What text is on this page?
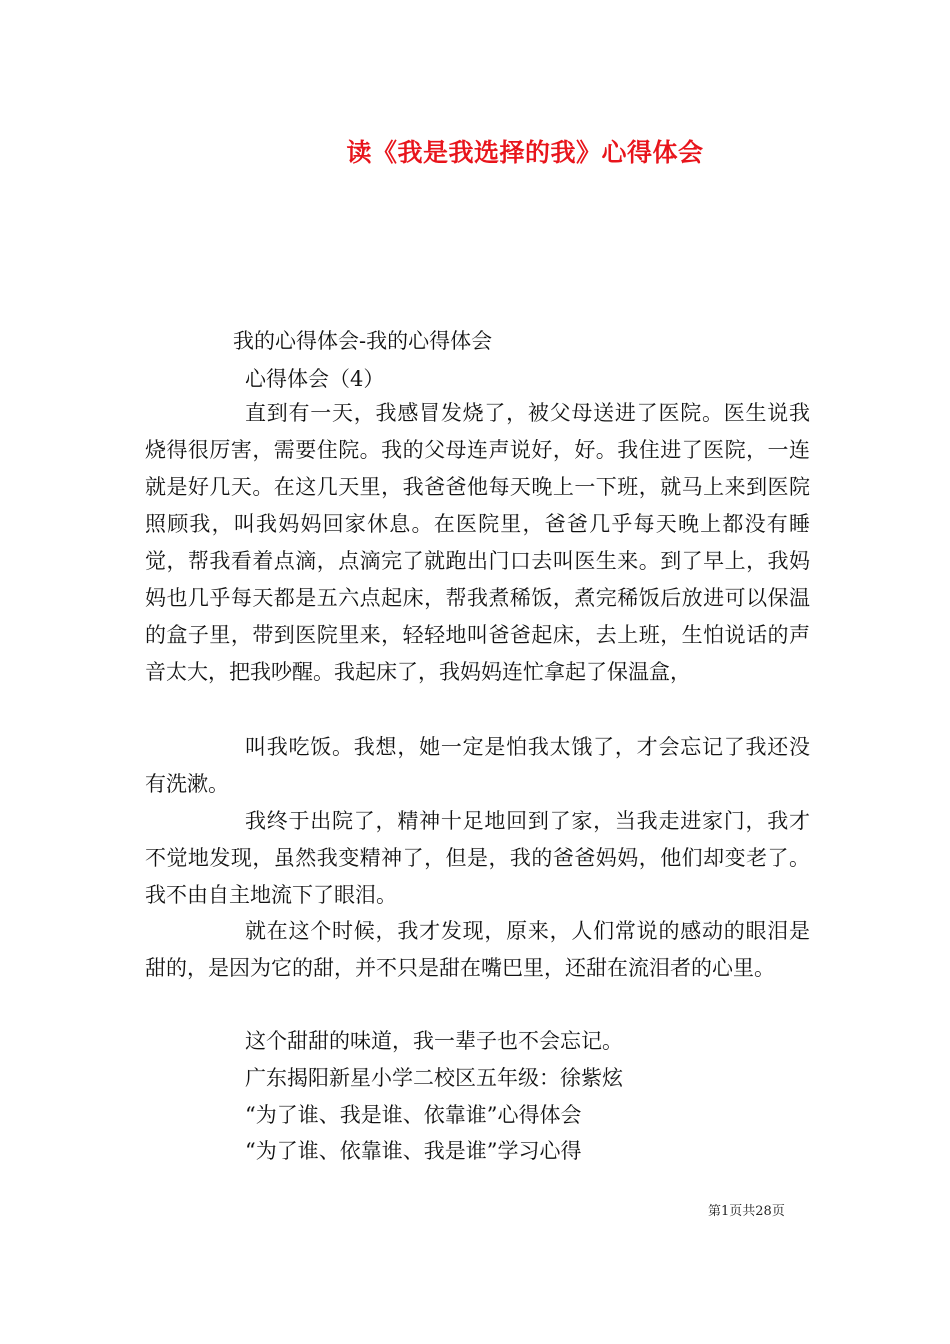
读《我是我选择的我》心得体会
我的心得体会-我的心得体会
心得体会（4）

直到有一天，我感冒发烧了，被父母送进了医院。医生说我烧得很厉害，需要住院。我的父母连声说好，好。我住进了医院，一连就是好几天。在这几天里，我爸爸他每天晚上一下班，就马上来到医院照顾我，叫我妈妈回家休息。在医院里，爸爸几乎每天晚上都没有睡觉，帮我看着点滴，点滴完了就跑出门口去叫医生来。到了早上，我妈妈也几乎每天都是五六点起床，帮我煮稀饭，煮完稀饭后放进可以保温的盒子里，带到医院里来，轻轻地叫爸爸起床，去上班，生怕说话的声音太大，把我吵醒。我起床了，我妈妈连忙拿起了保温盒，

叫我吃饭。我想，她一定是怕我太饿了，才会忘记了我还没有洗漱。

我终于出院了，精神十足地回到了家，当我走进家门，我才不觉地发现，虽然我变精神了，但是，我的爸爸妈妈，他们却变老了。我不由自主地流下了眼泪。

就在这个时候，我才发现，原来，人们常说的感动的眼泪是甜的，是因为它的甜，并不只是甜在嘴巴里，还甜在流泪者的心里。

这个甜甜的味道，我一辈子也不会忘记。
广东揭阳新星小学二校区五年级：徐紫炫
“为了谁、我是谁、依靠谁”心得体会
“为了谁、依靠谁、我是谁”学习心得
第1页共28页
